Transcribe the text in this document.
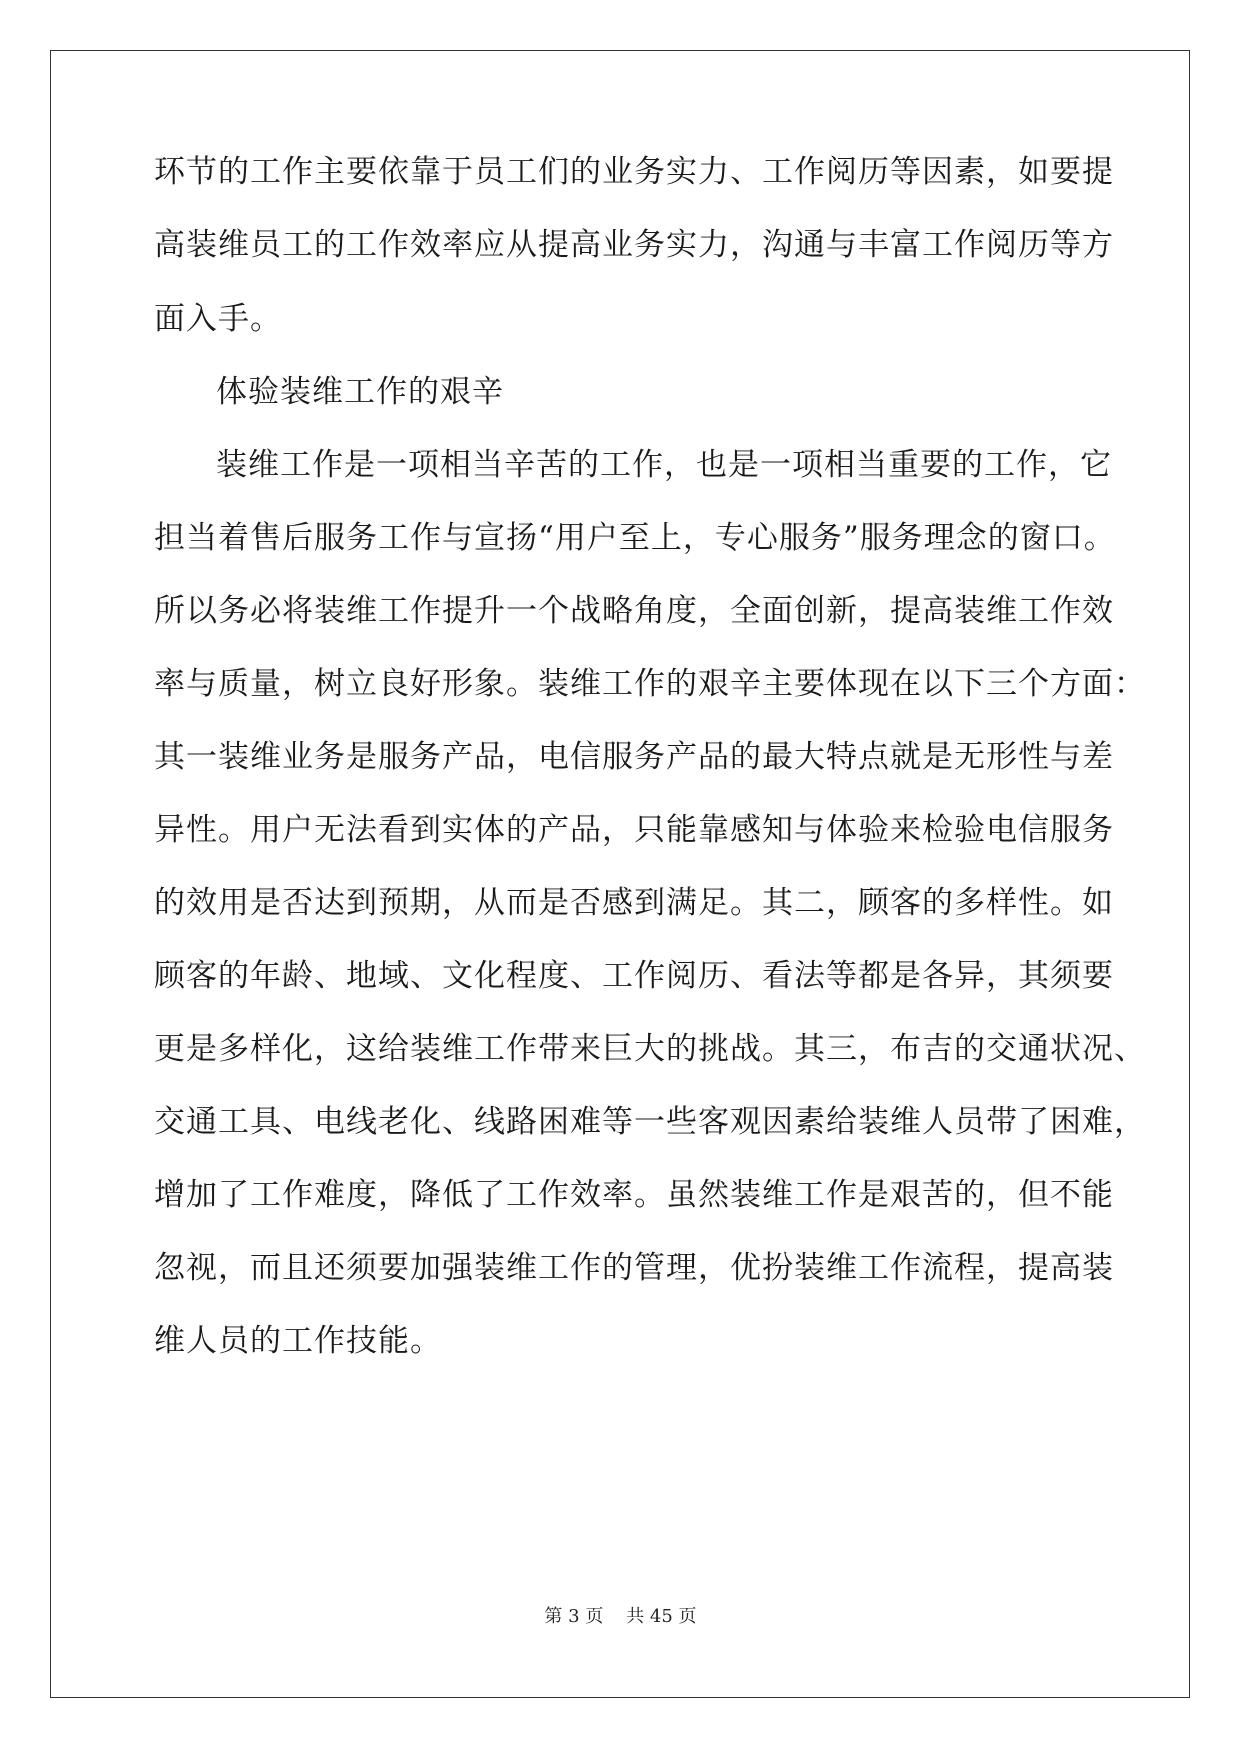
环节的工作主要依靠于员工们的业务实力、工作阅历等因素，如要提
高装维员工的工作效率应从提高业务实力，沟通与丰富工作阅历等方
面入手。
体验装维工作的艰辛
装维工作是一项相当辛苦的工作，也是一项相当重要的工作，它
担当着售后服务工作与宣扬“用户至上，专心服务”服务理念的窗口。
所以务必将装维工作提升一个战略角度，全面创新，提高装维工作效
率与质量，树立良好形象。装维工作的艰辛主要体现在以下三个方面：
其一装维业务是服务产品，电信服务产品的最大特点就是无形性与差
异性。用户无法看到实体的产品，只能靠感知与体验来检验电信服务
的效用是否达到预期，从而是否感到满足。其二，顾客的多样性。如
顾客的年龄、地域、文化程度、工作阅历、看法等都是各异，其须要
更是多样化，这给装维工作带来巨大的挑战。其三，布吉的交通状况、
交通工具、电线老化、线路困难等一些客观因素给装维人员带了困难，
增加了工作难度，降低了工作效率。虽然装维工作是艰苦的，但不能
忽视，而且还须要加强装维工作的管理，优扮装维工作流程，提高装
维人员的工作技能。
第 3 页    共 45 页
